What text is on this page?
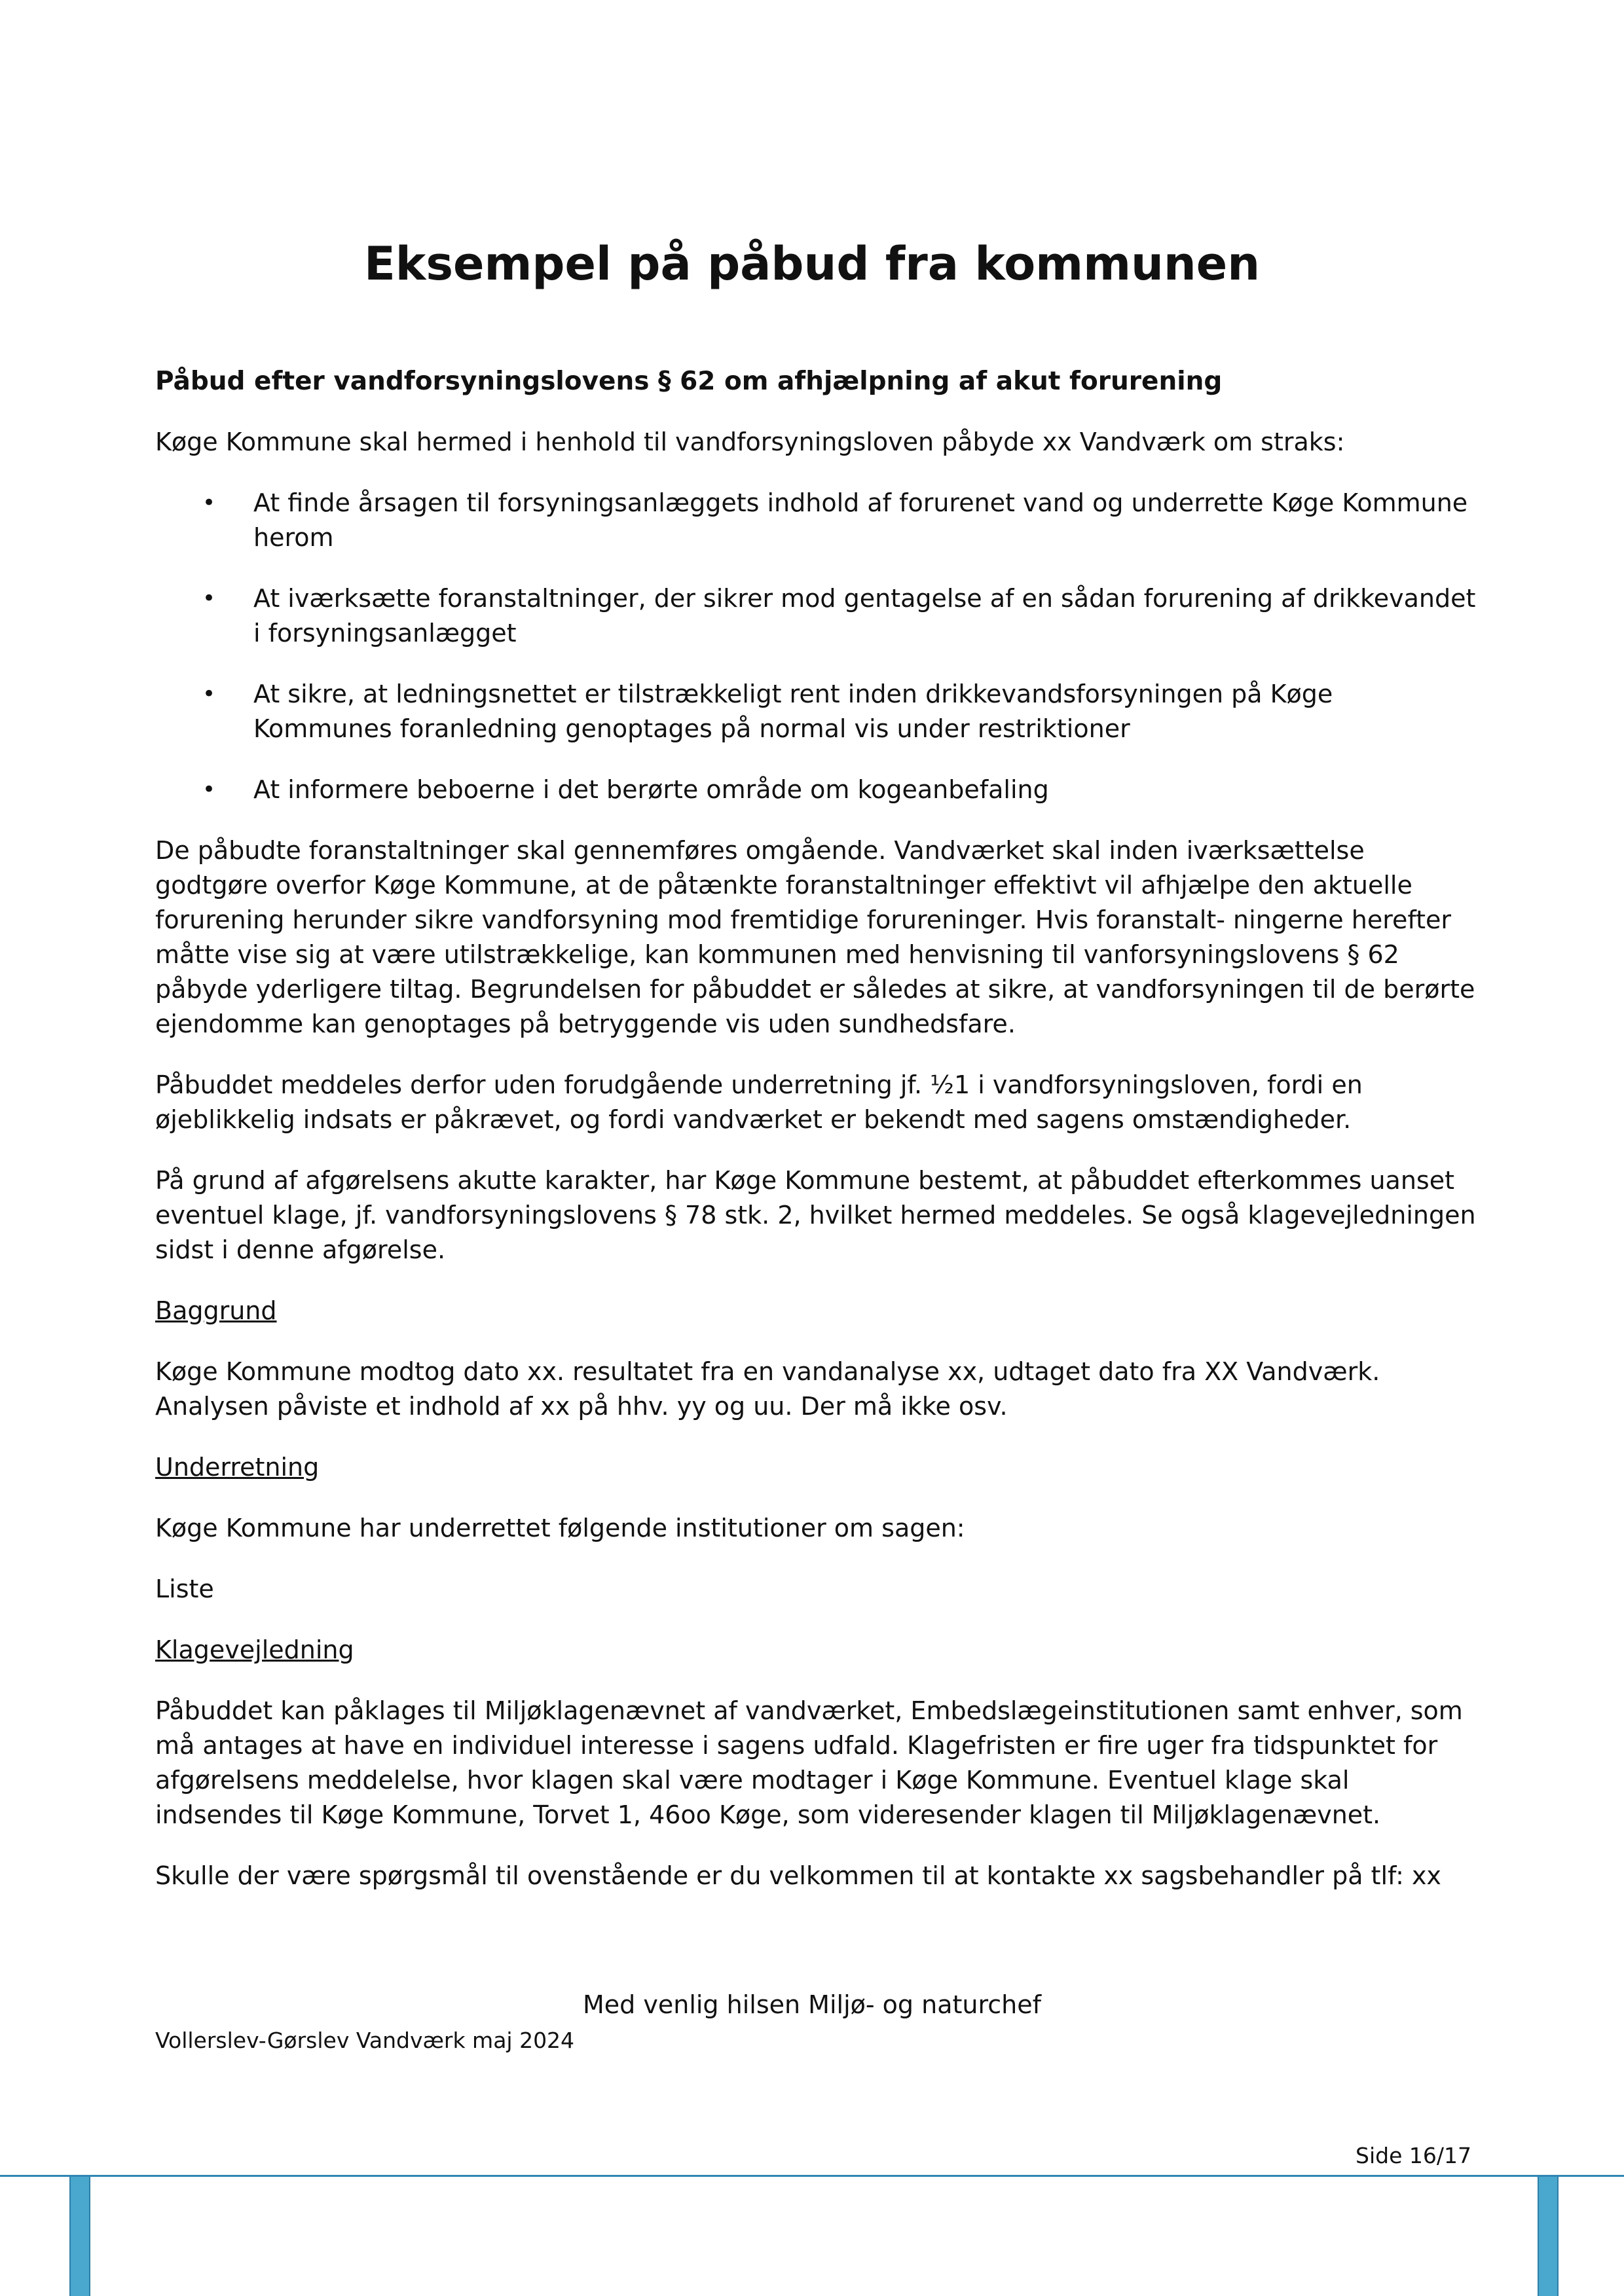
Eksempel på påbud fra kommunen

Påbud efter vandforsyningslovens § 62 om afhjælpning af akut forurening

Køge Kommune skal hermed i henhold til vandforsyningsloven påbyde xx Vandværk om straks:

• At finde årsagen til forsyningsanlæggets indhold af forurenet vand og underrette Køge Kommune herom
• At iværksætte foranstaltninger, der sikrer mod gentagelse af en sådan forurening af drikkevandet i forsyningsanlægget
• At sikre, at ledningsnettet er tilstrækkeligt rent inden drikkevandsforsyningen på Køge Kommunes foranledning genoptages på normal vis under restriktioner
• At informere beboerne i det berørte område om kogeanbefaling

De påbudte foranstaltninger skal gennemføres omgående. Vandværket skal inden iværksættelse godtgøre overfor Køge Kommune, at de påtænkte foranstaltninger effektivt vil afhjælpe den aktuelle forurening herunder sikre vandforsyning mod fremtidige forureninger. Hvis foranstalt- ningerne herefter måtte vise sig at være utilstrækkelige, kan kommunen med henvisning til vanforsyningslovens § 62 påbyde yderligere tiltag. Begrundelsen for påbuddet er således at sikre, at vandforsyningen til de berørte ejendomme kan genoptages på betryggende vis uden sundhedsfare.

Påbuddet meddeles derfor uden forudgående underretning jf. ½1 i vandforsyningsloven, fordi en øjeblikkelig indsats er påkrævet, og fordi vandværket er bekendt med sagens omstændigheder.

På grund af afgørelsens akutte karakter, har Køge Kommune bestemt, at påbuddet efterkommes uanset eventuel klage, jf. vandforsyningslovens § 78 stk. 2, hvilket hermed meddeles. Se også klagevejledningen sidst i denne afgørelse.

Baggrund

Køge Kommune modtog dato xx. resultatet fra en vandanalyse xx, udtaget dato fra XX Vandværk. Analysen påviste et indhold af xx på hhv. yy og uu. Der må ikke osv.

Underretning

Køge Kommune har underrettet følgende institutioner om sagen:

Liste

Klagevejledning

Påbuddet kan påklages til Miljøklagenævnet af vandværket, Embedslægeinstitutionen samt enhver, som må antages at have en individuel interesse i sagens udfald. Klagefristen er fire uger fra tidspunktet for afgørelsens meddelelse, hvor klagen skal være modtager i Køge Kommune. Eventuel klage skal indsendes til Køge Kommune, Torvet 1, 46oo Køge, som videresender klagen til Miljøklagenævnet.

Skulle der være spørgsmål til ovenstående er du velkommen til at kontakte xx sagsbehandler på tlf: xx

Med venlig hilsen Miljø- og naturchef
Vollerslev-Gørslev Vandværk maj 2024
Side 16/17
